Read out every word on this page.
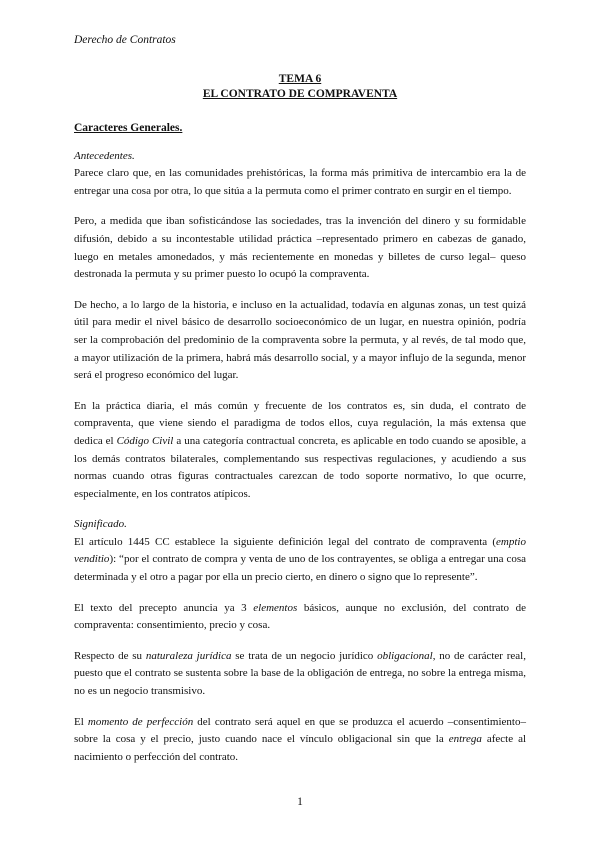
Derecho de Contratos
TEMA 6
EL CONTRATO DE COMPRAVENTA
Caracteres Generales.
Antecedentes.

Parece claro que, en las comunidades prehistóricas, la forma más primitiva de intercambio era la de entregar una cosa por otra, lo que sitúa a la permuta como el primer contrato en surgir en el tiempo.

Pero, a medida que iban sofisticándose las sociedades, tras la invención del dinero y su formidable difusión, debido a su incontestable utilidad práctica –representado primero en cabezas de ganado, luego en metales amonedados, y más recientemente en monedas y billetes de curso legal– queso destronada la permuta y su primer puesto lo ocupó la compraventa.

De hecho, a lo largo de la historia, e incluso en la actualidad, todavía en algunas zonas, un test quizá útil para medir el nivel básico de desarrollo socioeconómico de un lugar, en nuestra opinión, podría ser la comprobación del predominio de la compraventa sobre la permuta, y al revés, de tal modo que, a mayor utilización de la primera, habrá más desarrollo social, y a mayor influjo de la segunda, menor será el progreso económico del lugar.

En la práctica diaria, el más común y frecuente de los contratos es, sin duda, el contrato de compraventa, que viene siendo el paradigma de todos ellos, cuya regulación, la más extensa que dedica el Código Civil a una categoría contractual concreta, es aplicable en todo cuando se aposible, a los demás contratos bilaterales, complementando sus respectivas regulaciones, y acudiendo a sus normas cuando otras figuras contractuales carezcan de todo soporte normativo, lo que ocurre, especialmente, en los contratos atípicos.

Significado.

El artículo 1445 CC establece la siguiente definición legal del contrato de compraventa (emptio venditio): “por el contrato de compra y venta de uno de los contrayentes, se obliga a entregar una cosa determinada y el otro a pagar por ella un precio cierto, en dinero o signo que lo represente”.

El texto del precepto anuncia ya 3 elementos básicos, aunque no exclusión, del contrato de compraventa: consentimiento, precio y cosa.

Respecto de su naturaleza jurídica se trata de un negocio jurídico obligacional, no de carácter real, puesto que el contrato se sustenta sobre la base de la obligación de entrega, no sobre la entrega misma, no es un negocio transmisivo.

El momento de perfección del contrato será aquel en que se produzca el acuerdo –consentimiento– sobre la cosa y el precio, justo cuando nace el vínculo obligacional sin que la entrega afecte al nacimiento o perfección del contrato.

1
